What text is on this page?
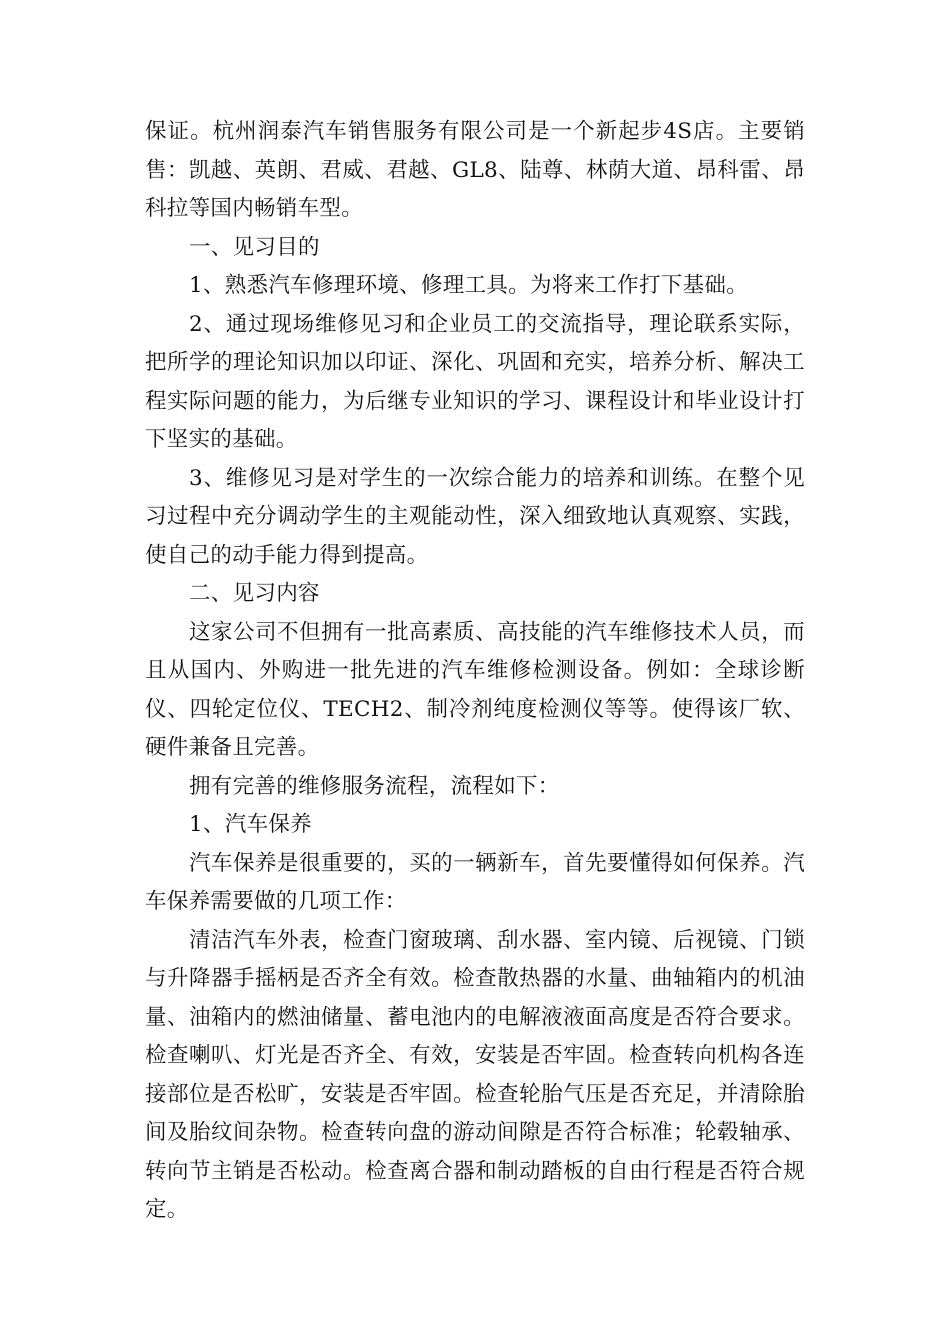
保证。杭州润泰汽车销售服务有限公司是一个新起步4S店。主要销售：凯越、英朗、君威、君越、GL8、陆尊、林荫大道、昂科雷、昂科拉等国内畅销车型。

一、见习目的

1、熟悉汽车修理环境、修理工具。为将来工作打下基础。

2、通过现场维修见习和企业员工的交流指导，理论联系实际，把所学的理论知识加以印证、深化、巩固和充实，培养分析、解决工程实际问题的能力，为后继专业知识的学习、课程设计和毕业设计打下坚实的基础。

3、维修见习是对学生的一次综合能力的培养和训练。在整个见习过程中充分调动学生的主观能动性，深入细致地认真观察、实践，使自己的动手能力得到提高。

二、见习内容

这家公司不但拥有一批高素质、高技能的汽车维修技术人员，而且从国内、外购进一批先进的汽车维修检测设备。例如：全球诊断仪、四轮定位仪、TECH2、制冷剂纯度检测仪等等。使得该厂软、硬件兼备且完善。

拥有完善的维修服务流程，流程如下：

1、汽车保养

汽车保养是很重要的，买的一辆新车，首先要懂得如何保养。汽车保养需要做的几项工作：

清洁汽车外表，检查门窗玻璃、刮水器、室内镜、后视镜、门锁与升降器手摇柄是否齐全有效。检查散热器的水量、曲轴箱内的机油量、油箱内的燃油储量、蓄电池内的电解液液面高度是否符合要求。检查喇叭、灯光是否齐全、有效，安装是否牢固。检查转向机构各连接部位是否松旷，安装是否牢固。检查轮胎气压是否充足，并清除胎间及胎纹间杂物。检查转向盘的游动间隙是否符合标准；轮毂轴承、转向节主销是否松动。检查离合器和制动踏板的自由行程是否符合规定。
